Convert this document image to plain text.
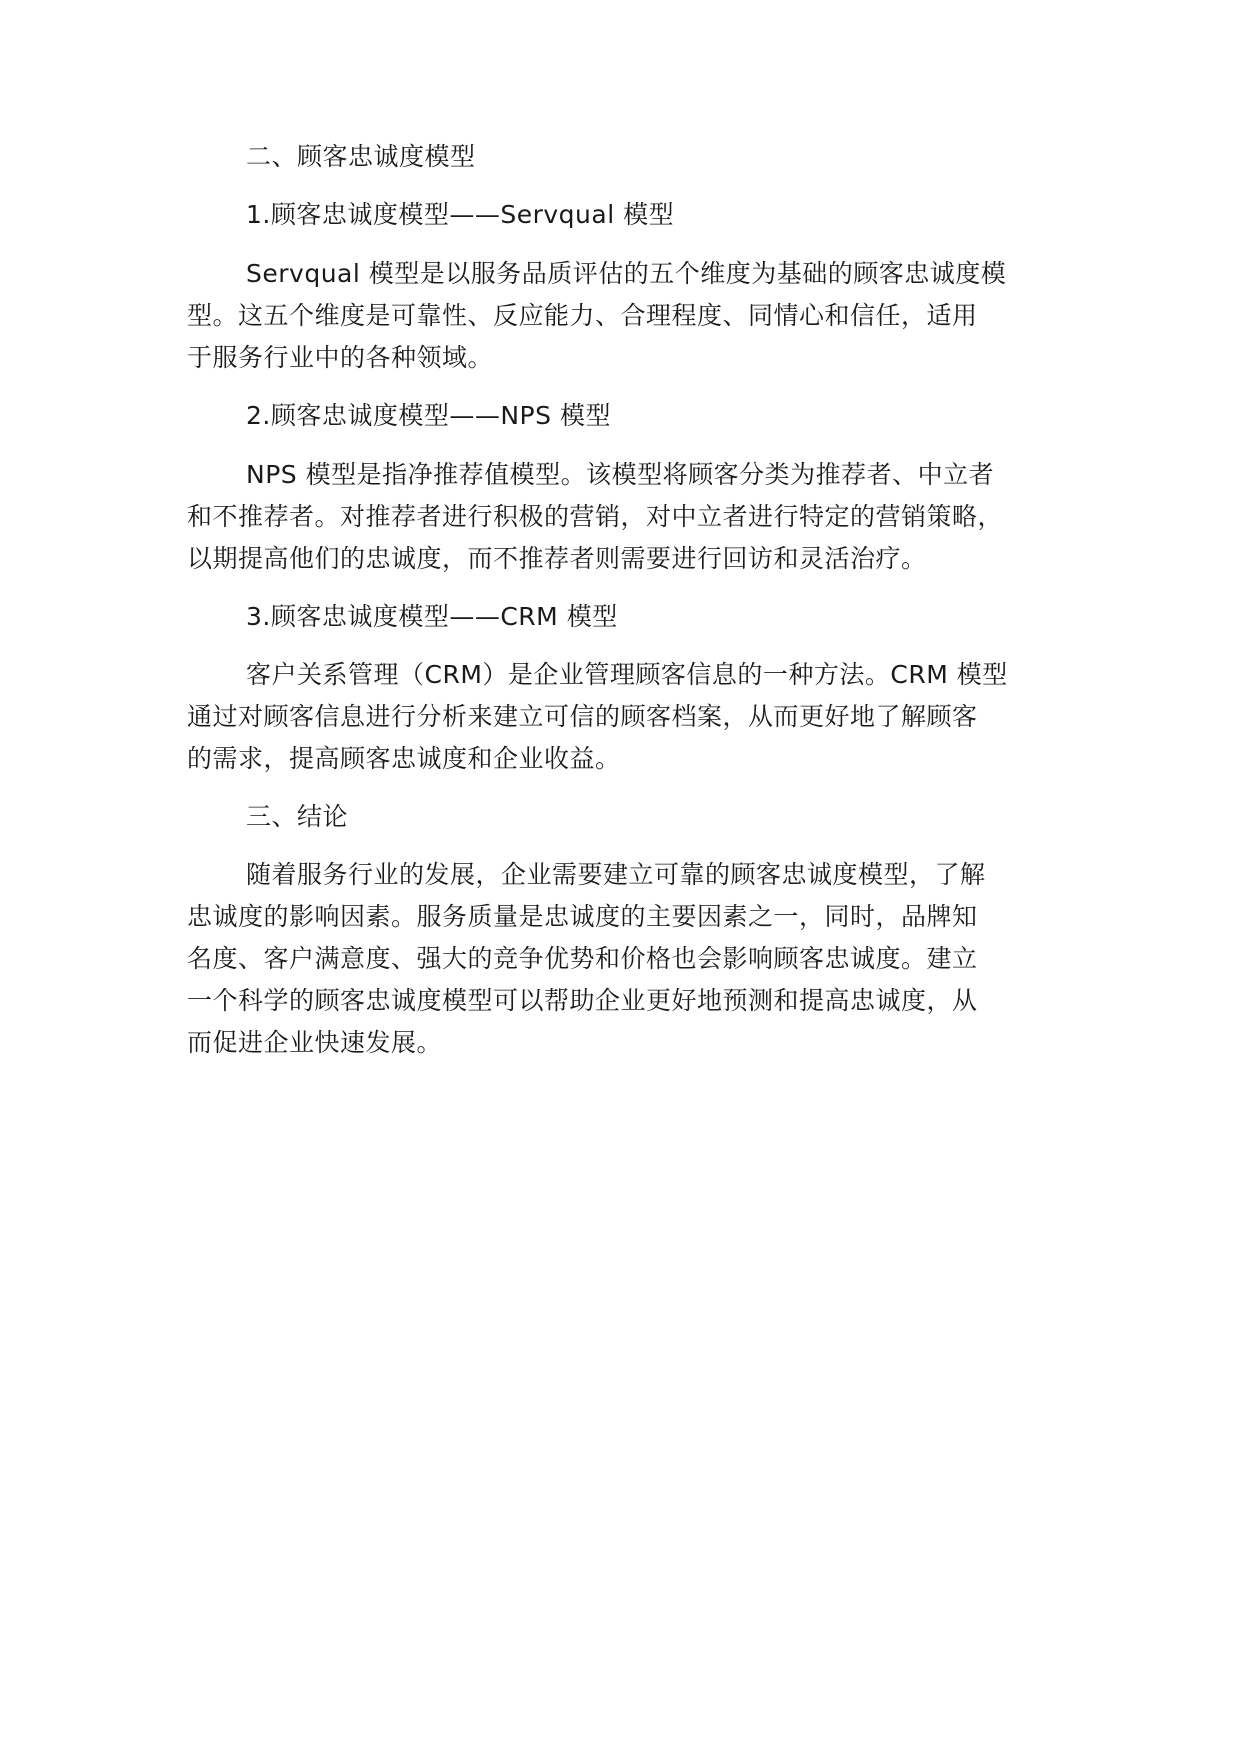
二、顾客忠诚度模型
1.顾客忠诚度模型——Servqual 模型
Servqual 模型是以服务品质评估的五个维度为基础的顾客忠诚度模
型。这五个维度是可靠性、反应能力、合理程度、同情心和信任，适用
于服务行业中的各种领域。
2.顾客忠诚度模型——NPS 模型
NPS 模型是指净推荐值模型。该模型将顾客分类为推荐者、中立者
和不推荐者。对推荐者进行积极的营销，对中立者进行特定的营销策略，
以期提高他们的忠诚度，而不推荐者则需要进行回访和灵活治疗。
3.顾客忠诚度模型——CRM 模型
客户关系管理（CRM）是企业管理顾客信息的一种方法。CRM 模型
通过对顾客信息进行分析来建立可信的顾客档案，从而更好地了解顾客
的需求，提高顾客忠诚度和企业收益。
三、结论
随着服务行业的发展，企业需要建立可靠的顾客忠诚度模型，了解
忠诚度的影响因素。服务质量是忠诚度的主要因素之一，同时，品牌知
名度、客户满意度、强大的竞争优势和价格也会影响顾客忠诚度。建立
一个科学的顾客忠诚度模型可以帮助企业更好地预测和提高忠诚度，从
而促进企业快速发展。
